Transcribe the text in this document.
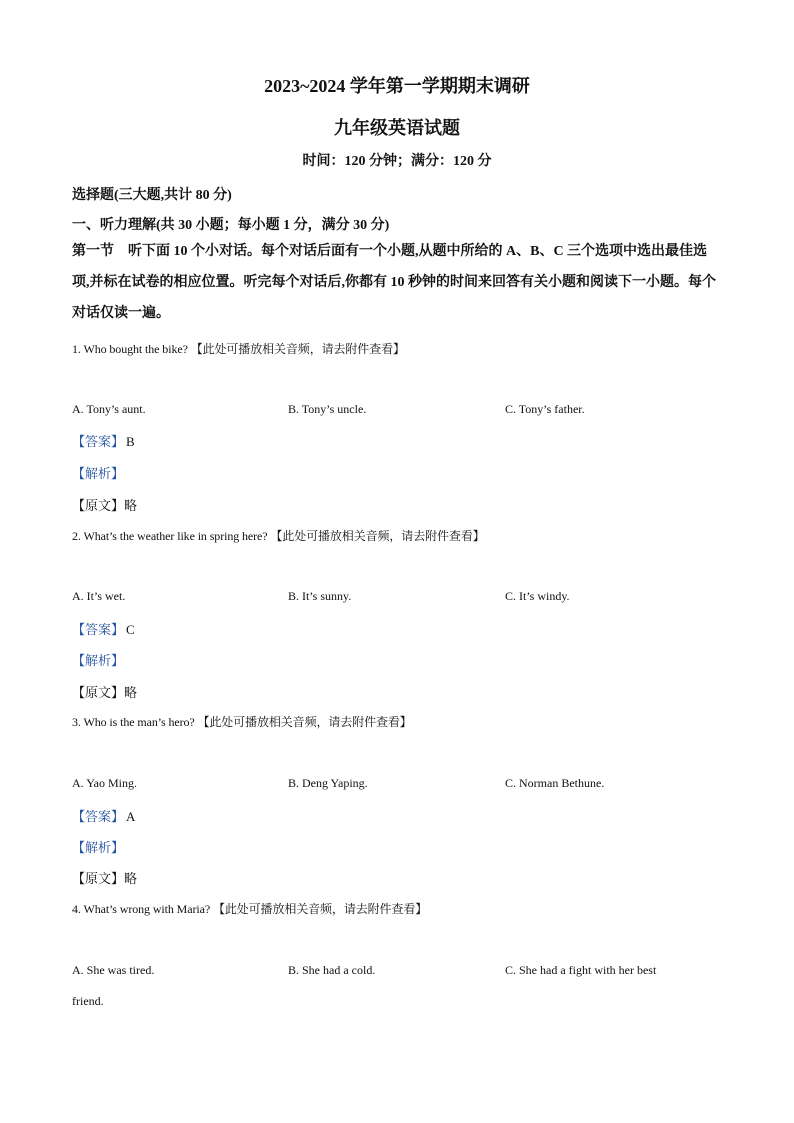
2023~2024 学年第一学期期末调研
九年级英语试题
时间：120 分钟；满分：120 分
选择题(三大题,共计 80 分)
一、听力理解(共 30 小题；每小题 1 分，满分 30 分)
第一节　听下面 10 个小对话。每个对话后面有一个小题,从题中所给的 A、B、C 三个选项中选出最佳选项,并标在试卷的相应位置。听完每个对话后,你都有 10 秒钟的时间来回答有关小题和阅读下一小题。每个对话仅读一遍。
1. Who bought the bike? 【此处可播放相关音频，请去附件查看】
A. Tony’s aunt.	B. Tony’s uncle.	C. Tony’s father.
【答案】 B
【解析】
【原文】略
2. What’s the weather like in spring here? 【此处可播放相关音频，请去附件查看】
A. It’s wet.	B. It’s sunny.	C. It’s windy.
【答案】 C
【解析】
【原文】略
3. Who is the man’s hero? 【此处可播放相关音频，请去附件查看】
A. Yao Ming.	B. Deng Yaping.	C. Norman Bethune.
【答案】 A
【解析】
【原文】略
4. What’s wrong with Maria? 【此处可播放相关音频，请去附件查看】
A. She was tired.	B. She had a cold.	C. She had a fight with her best
friend.
